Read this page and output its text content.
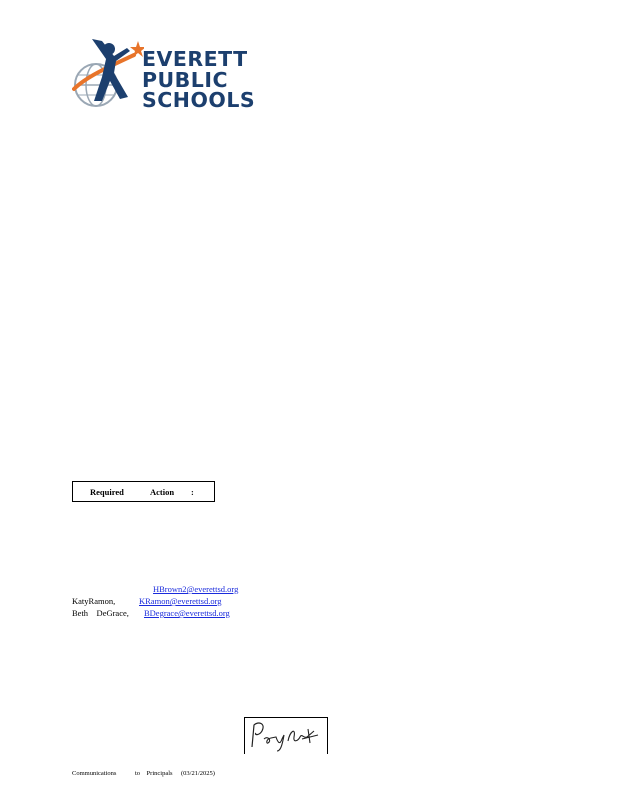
EVERETT
PUBLIC
SCHOOLS
Required	Action :
HBrown2@everettsd.org
KatyRamon,	KRamon@everettsd.org
Beth    DeGrace, BDegrace@everettsd.org
Communications	to    Principals (03/21/2025)
